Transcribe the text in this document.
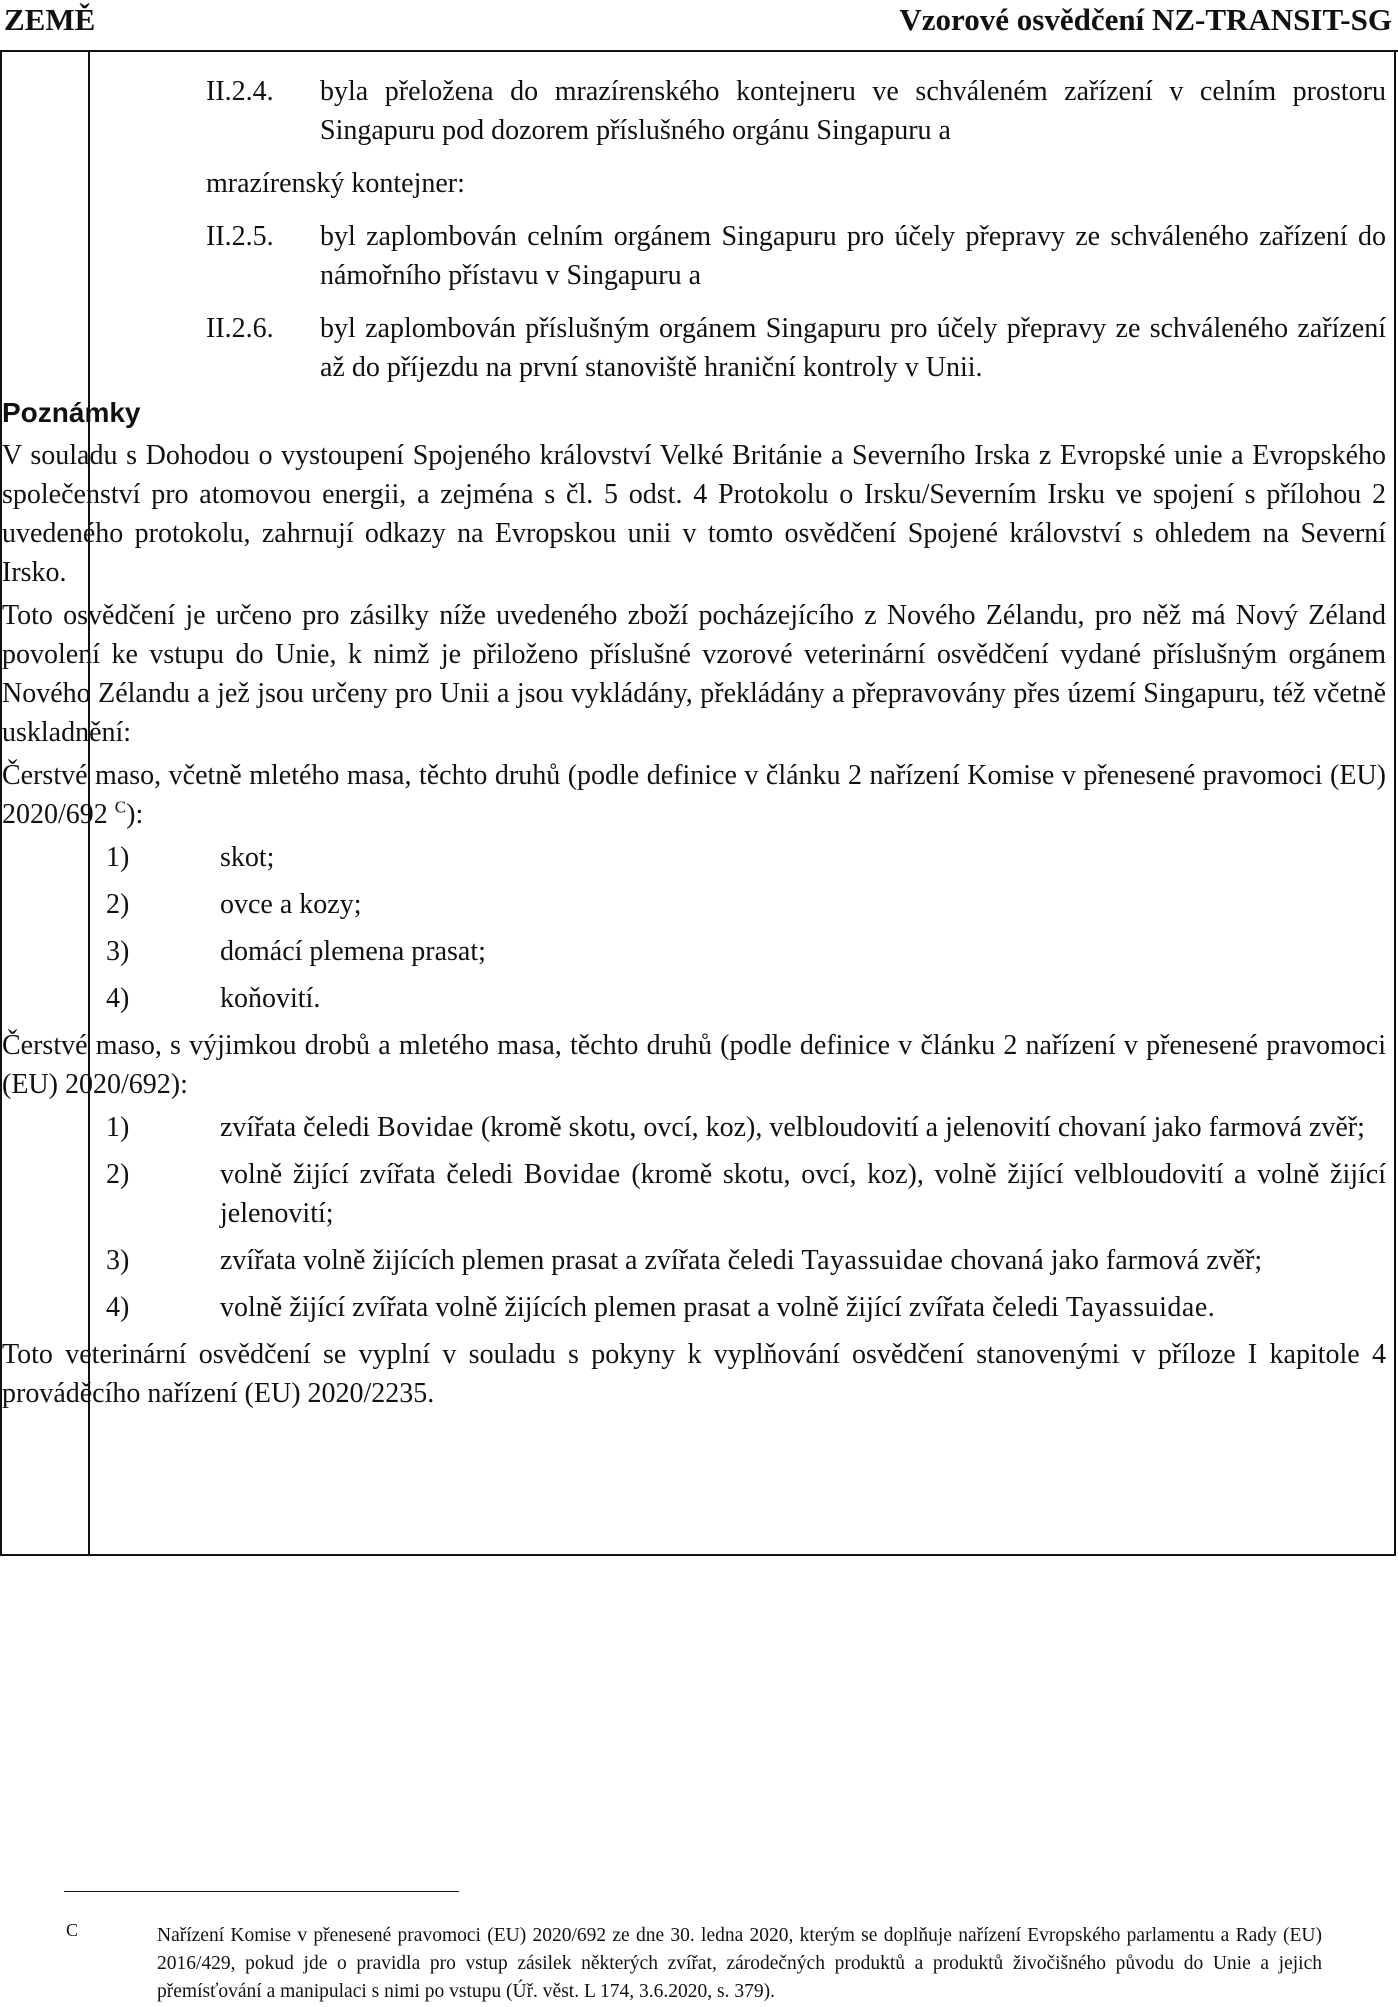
ZEMĚ	Vzorové osvědčení NZ-TRANSIT-SG
II.2.4. byla přeložena do mrazírenského kontejneru ve schváleném zařízení v celním prostoru Singapuru pod dozorem příslušného orgánu Singapuru a
mrazírenský kontejner:
II.2.5. byl zaplombován celním orgánem Singapuru pro účely přepravy ze schváleného zařízení do námořního přístavu v Singapuru a
II.2.6. byl zaplombován příslušným orgánem Singapuru pro účely přepravy ze schváleného zařízení až do příjezdu na první stanoviště hraniční kontroly v Unii.
Poznámky
V souladu s Dohodou o vystoupení Spojeného království Velké Británie a Severního Irska z Evropské unie a Evropského společenství pro atomovou energii, a zejména s čl. 5 odst. 4 Protokolu o Irsku/Severním Irsku ve spojení s přílohou 2 uvedeného protokolu, zahrnují odkazy na Evropskou unii v tomto osvědčení Spojené království s ohledem na Severní Irsko.
Toto osvědčení je určeno pro zásilky níže uvedeného zboží pocházejícího z Nového Zélandu, pro něž má Nový Zéland povolení ke vstupu do Unie, k nimž je přiloženo příslušné vzorové veterinární osvědčení vydané příslušným orgánem Nového Zélandu a jež jsou určeny pro Unii a jsou vykládány, překládány a přepravovány přes území Singapuru, též včetně uskladnění:
Čerstvé maso, včetně mletého masa, těchto druhů (podle definice v článku 2 nařízení Komise v přenesené pravomoci (EU) 2020/692 $^C$):
1)	skot;
2)	ovce a kozy;
3)	domácí plemena prasat;
4)	koňovití.
Čerstvé maso, s výjimkou drobů a mletého masa, těchto druhů (podle definice v článku 2 nařízení v přenesené pravomoci (EU) 2020/692):
1)	zvířata čeledi Bovidae (kromě skotu, ovcí, koz), velbloudovití a jelenovití chovaní jako farmová zvěř;
2)	volně žijící zvířata čeledi Bovidae (kromě skotu, ovcí, koz), volně žijící velbloudovití a volně žijící jelenovití;
3)	zvířata volně žijících plemen prasat a zvířata čeledi Tayassuidae chovaná jako farmová zvěř;
4)	volně žijící zvířata volně žijících plemen prasat a volně žijící zvířata čeledi Tayassuidae.
Toto veterinární osvědčení se vyplní v souladu s pokyny k vyplňování osvědčení stanovenými v příloze I kapitole 4 prováděcího nařízení (EU) 2020/2235.
C	Nařízení Komise v přenesené pravomoci (EU) 2020/692 ze dne 30. ledna 2020, kterým se doplňuje nařízení Evropského parlamentu a Rady (EU) 2016/429, pokud jde o pravidla pro vstup zásilek některých zvířat, zárodečných produktů a produktů živočišného původu do Unie a jejich přemísťování a manipulaci s nimi po vstupu (Úř. věst. L 174, 3.6.2020, s. 379).
